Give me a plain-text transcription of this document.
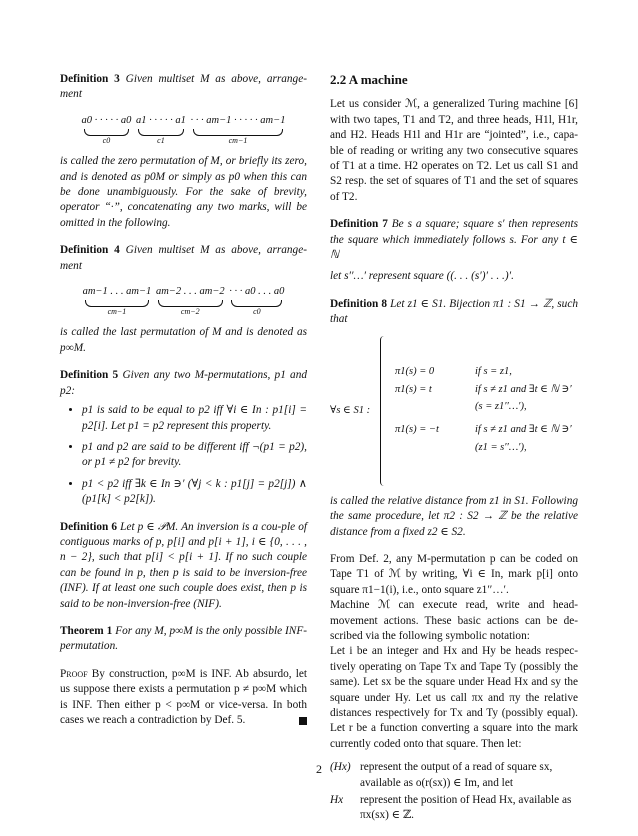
Definition 3 Given multiset M as above, arrange-ment

a0 · · · · · a0
c0

a1 · · · · · a1
c1

· · · am−1 · · · · · am−1
cm−1

is called the zero permutation of M, or briefly its zero, and is denoted as p0M or simply as p0 when this can be done unambiguously. For the sake of brevity, operator “·”, concatenating any two marks, will be omitted in the following.

Definition 4 Given multiset M as above, arrange-ment

am−1 . . . am−1
cm−1

am−2 . . . am−2
cm−2

· · · a0 . . . a0
c0

is called the last permutation of M and is denoted as p∞M.

Definition 5 Given any two M-permutations, p1 and p2:

• p1 is said to be equal to p2 iff ∀i ∈ In : p1[i] = p2[i]. Let p1 = p2 represent this property.
• p1 and p2 are said to be different iff ¬(p1 = p2), or p1 ≠ p2 for brevity.
• p1 < p2 iff ∃k ∈ In ∋′ (∀j < k : p1[j] = p2[j]) ∧ (p1[k] < p2[k]).

Definition 6 Let p ∈ 𝒫M. An inversion is a cou-ple of contiguous marks of p, p[i] and p[i + 1], i ∈ {0, . . . , n − 2}, such that p[i] < p[i + 1]. If no such couple can be found in p, then p is said to be inversion-free (INF). If at least one such couple does exist, then p is said to be non-inversion-free (NIF).

Theorem 1 For any M, p∞M is the only possible INF-permutation.

Proof By construction, p∞M is INF. Ab absurdo, let us suppose there exists a permutation p ≠ p∞M which is INF. Then either p < p∞M or vice-versa. In both cases we reach a contradiction by Def. 5.

2.2 A machine

Let us consider ℳ, a generalized Turing machine [6] with two tapes, T1 and T2, and three heads, H1l, H1r, and H2. Heads H1l and H1r are “jointed”, i.e., capa-ble of reading or writing any two consecutive squares of T1 at a time. H2 operates on T2. Let us call S1 and S2 resp. the set of squares of T1 and the set of squares of T2.

Definition 7 Be s a square; square s′ then represents the square which immediately follows s. For any t ∈ ℕ

let s′′…′ represent square ((. . . (s′)′ . . .)′.

Definition 8 Let z1 ∈ S1. Bijection π1 : S1 → ℤ, such that

∀s ∈ S1 :
π1(s) = 0	if s = z1,
π1(s) = t	if s ≠ z1 and ∃t ∈ ℕ ∋′
(s = z1′′…′),
π1(s) = −t	if s ≠ z1 and ∃t ∈ ℕ ∋′
(z1 = s′′…′),

is called the relative distance from z1 in S1. Following the same procedure, let π2 : S2 → ℤ be the relative distance from a fixed z2 ∈ S2.

From Def. 2, any M-permutation p can be coded on Tape T1 of ℳ by writing, ∀i ∈ In, mark p[i] onto square π1−1(i), i.e., onto square z1′′…′.

Machine ℳ can execute read, write and head-movement actions. These basic actions can be de-scribed via the following symbolic notation:

Let i be an integer and Hx and Hy be heads respec-tively operating on Tape Tx and Tape Ty (possibly the same). Let sx be the square under Head Hx and sy the square under Hy. Let us call πx and πy the relative distances respectively for Tx and Ty (possibly equal). Let r be a function converting a square into the mark currently coded onto that square. Then let:

(Hx) represent the output of a read of square sx, available as o(r(sx)) ∈ Im, and let
Hx	represent the position of Head Hx, available as πx(sx) ∈ ℤ.
2
